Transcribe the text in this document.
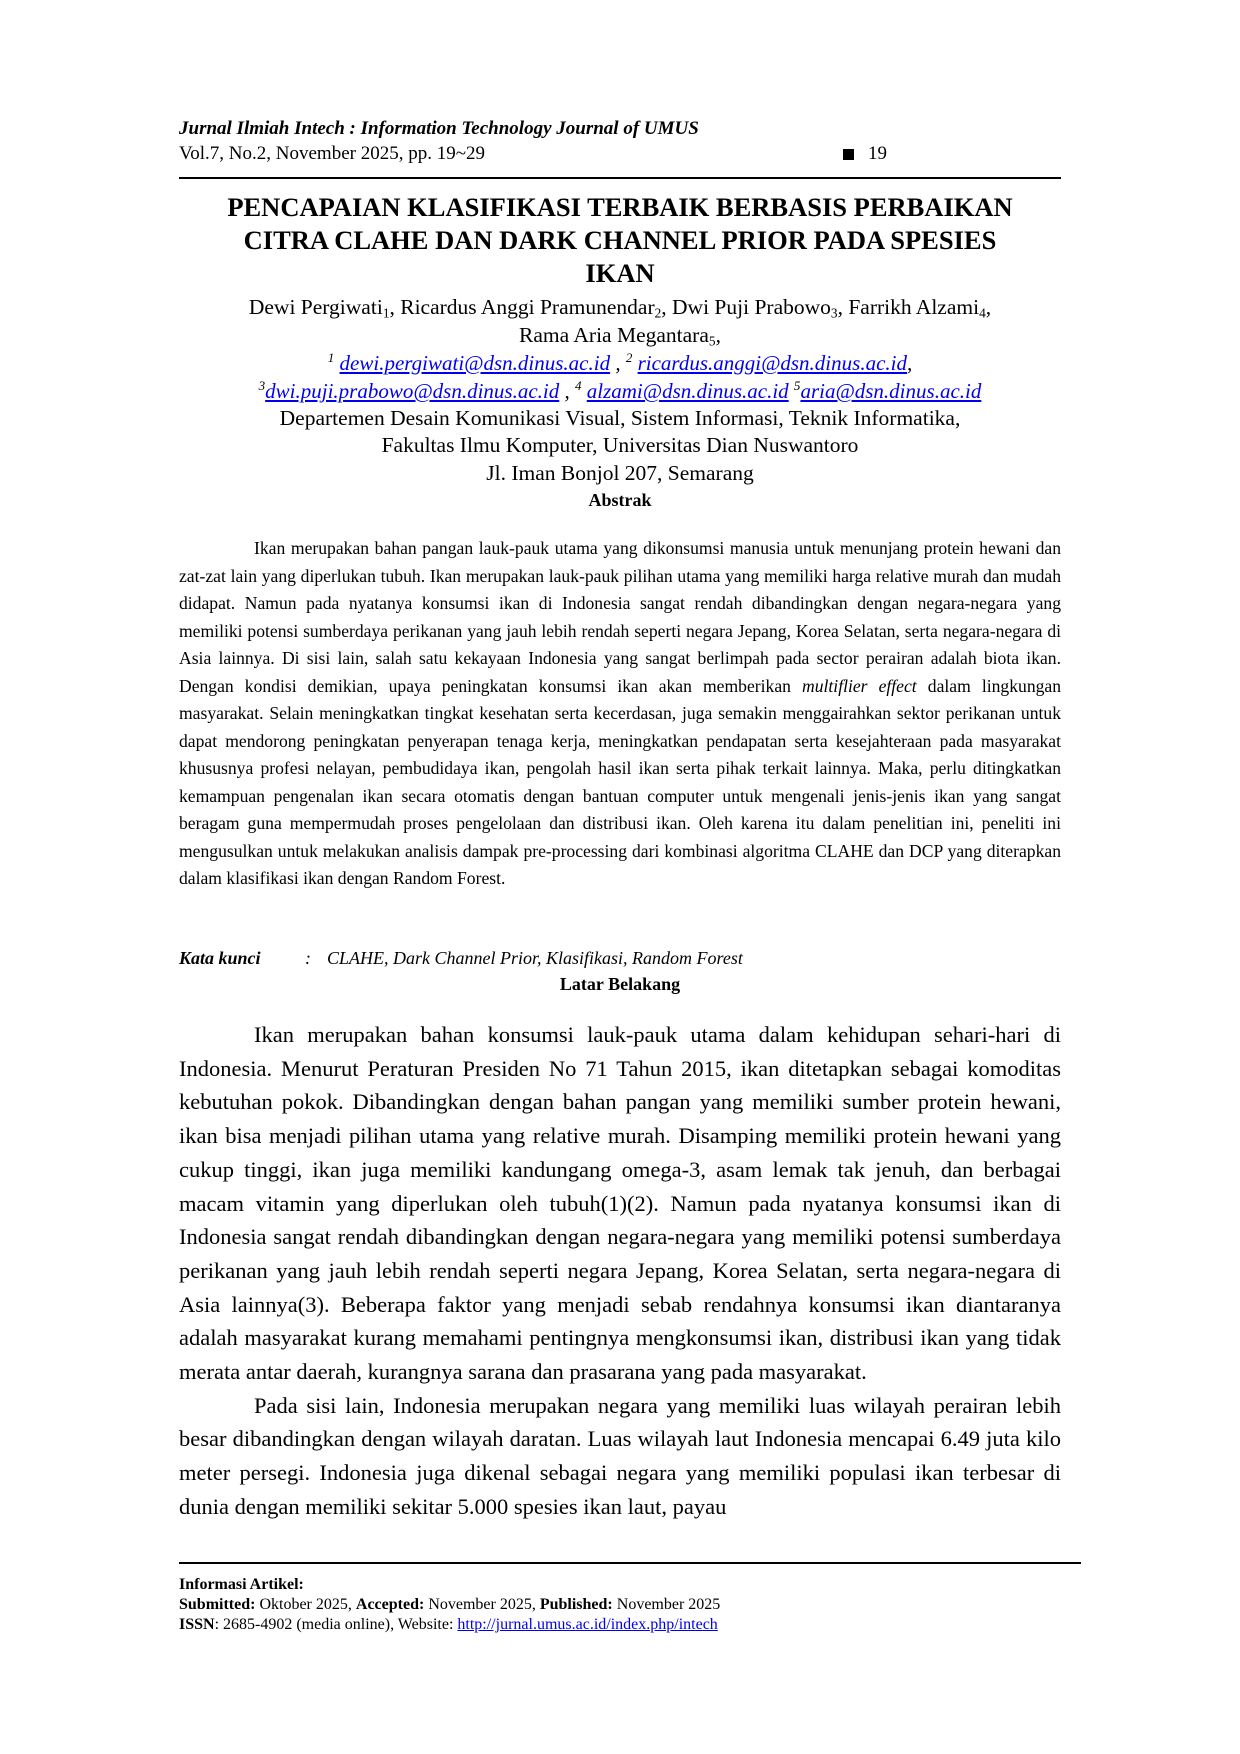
Jurnal Ilmiah Intech : Information Technology Journal of UMUS
Vol.7, No.2, November 2025, pp. 19~29	19
PENCAPAIAN KLASIFIKASI TERBAIK BERBASIS PERBAIKAN
CITRA CLAHE DAN DARK CHANNEL PRIOR PADA SPESIES
IKAN
Dewi Pergiwati$_1$, Ricardus Anggi Pramunendar$_2$, Dwi Puji Prabowo$_3$, Farrikh Alzami$_4$,
Rama Aria Megantara$_5$,
$^1$ dewi.pergiwati@dsn.dinus.ac.id , $^2$ ricardus.anggi@dsn.dinus.ac.id,
$^3$dwi.puji.prabowo@dsn.dinus.ac.id , $^4$ alzami@dsn.dinus.ac.id $^5$aria@dsn.dinus.ac.id
Departemen Desain Komunikasi Visual, Sistem Informasi, Teknik Informatika,
Fakultas Ilmu Komputer, Universitas Dian Nuswantoro
Jl. Iman Bonjol 207, Semarang
Abstrak

Ikan merupakan bahan pangan lauk-pauk utama yang dikonsumsi manusia untuk menunjang protein hewani dan zat-zat lain yang diperlukan tubuh. Ikan merupakan lauk-pauk pilihan utama yang memiliki harga relative murah dan mudah didapat. Namun pada nyatanya konsumsi ikan di Indonesia sangat rendah dibandingkan dengan negara-negara yang memiliki potensi sumberdaya perikanan yang jauh lebih rendah seperti negara Jepang, Korea Selatan, serta negara-negara di Asia lainnya. Di sisi lain, salah satu kekayaan Indonesia yang sangat berlimpah pada sector perairan adalah biota ikan. Dengan kondisi demikian, upaya peningkatan konsumsi ikan akan memberikan multiflier effect dalam lingkungan masyarakat. Selain meningkatkan tingkat kesehatan serta kecerdasan, juga semakin menggairahkan sektor perikanan untuk dapat mendorong peningkatan penyerapan tenaga kerja, meningkatkan pendapatan serta kesejahteraan pada masyarakat khususnya profesi nelayan, pembudidaya ikan, pengolah hasil ikan serta pihak terkait lainnya. Maka, perlu ditingkatkan kemampuan pengenalan ikan secara otomatis dengan bantuan computer untuk mengenali jenis-jenis ikan yang sangat beragam guna mempermudah proses pengelolaan dan distribusi ikan. Oleh karena itu dalam penelitian ini, peneliti ini mengusulkan untuk melakukan analisis dampak pre-processing dari kombinasi algoritma CLAHE dan DCP yang diterapkan dalam klasifikasi ikan dengan Random Forest.

Kata kunci : CLAHE, Dark Channel Prior, Klasifikasi, Random Forest
Latar Belakang

Ikan merupakan bahan konsumsi lauk-pauk utama dalam kehidupan sehari-hari di Indonesia. Menurut Peraturan Presiden No 71 Tahun 2015, ikan ditetapkan sebagai komoditas kebutuhan pokok. Dibandingkan dengan bahan pangan yang memiliki sumber protein hewani, ikan bisa menjadi pilihan utama yang relative murah. Disamping memiliki protein hewani yang cukup tinggi, ikan juga memiliki kandungang omega-3, asam lemak tak jenuh, dan berbagai macam vitamin yang diperlukan oleh tubuh(1)(2). Namun pada nyatanya konsumsi ikan di Indonesia sangat rendah dibandingkan dengan negara-negara yang memiliki potensi sumberdaya perikanan yang jauh lebih rendah seperti negara Jepang, Korea Selatan, serta negara-negara di Asia lainnya(3). Beberapa faktor yang menjadi sebab rendahnya konsumsi ikan diantaranya adalah masyarakat kurang memahami pentingnya mengkonsumsi ikan, distribusi ikan yang tidak merata antar daerah, kurangnya sarana dan prasarana yang pada masyarakat.

Pada sisi lain, Indonesia merupakan negara yang memiliki luas wilayah perairan lebih besar dibandingkan dengan wilayah daratan. Luas wilayah laut Indonesia mencapai 6.49 juta kilo meter persegi. Indonesia juga dikenal sebagai negara yang memiliki populasi ikan terbesar di dunia dengan memiliki sekitar 5.000 spesies ikan laut, payau

Informasi Artikel:
Submitted: Oktober 2025, Accepted: November 2025, Published: November 2025
ISSN: 2685-4902 (media online), Website: http://jurnal.umus.ac.id/index.php/intech
